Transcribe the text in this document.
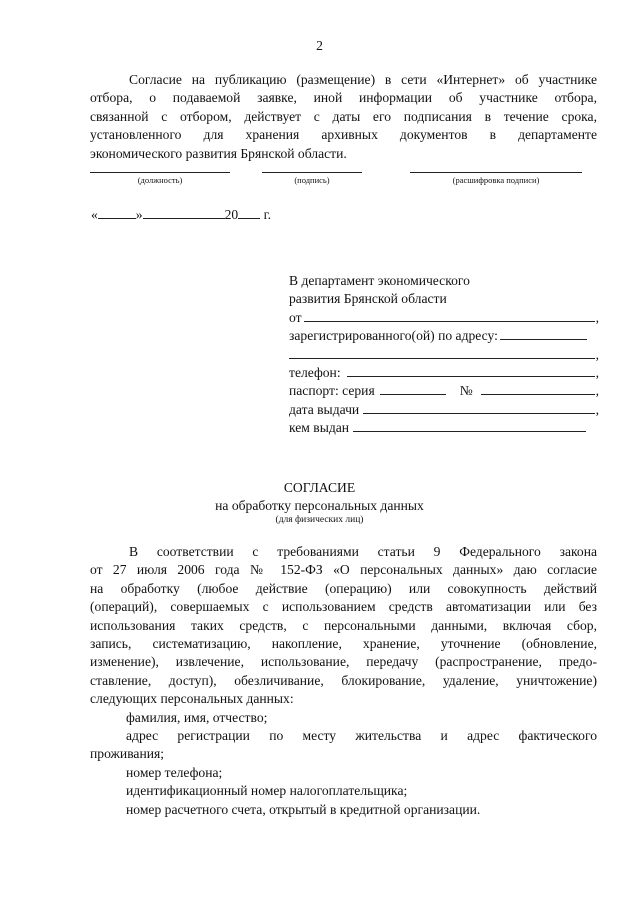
2
Согласие на публикацию (размещение) в сети «Интернет» об участнике
отбора, о подаваемой заявке, иной информации об участнике отбора,
связанной с отбором, действует с даты его подписания в течение срока,
установленного для хранения архивных документов в департаменте
экономического развития Брянской области.
(должность)	(подпись)	(расшифровка подписи)
«	»	20 г.
В департамент экономического
развития Брянской области
от	,
зарегистрированного(ой) по адресу:
,
телефон:	,
паспорт: серия	№	,
дата выдачи	,
кем выдан
СОГЛАСИЕ
на обработку персональных данных
(для физических лиц)
В соответствии с требованиями статьи 9 Федерального закона
от 27 июля 2006 года № 152-ФЗ «О персональных данных» даю согласие
на обработку (любое действие (операцию) или совокупность действий
(операций), совершаемых с использованием средств автоматизации или без
использования таких средств, с персональными данными, включая сбор,
запись, систематизацию, накопление, хранение, уточнение (обновление,
изменение), извлечение, использование, передачу (распространение, предо-
ставление, доступ), обезличивание, блокирование, удаление, уничтожение)
следующих персональных данных:
фамилия, имя, отчество;
адрес регистрации по месту жительства и адрес фактического
проживания;
номер телефона;
идентификационный номер налогоплательщика;
номер расчетного счета, открытый в кредитной организации.
